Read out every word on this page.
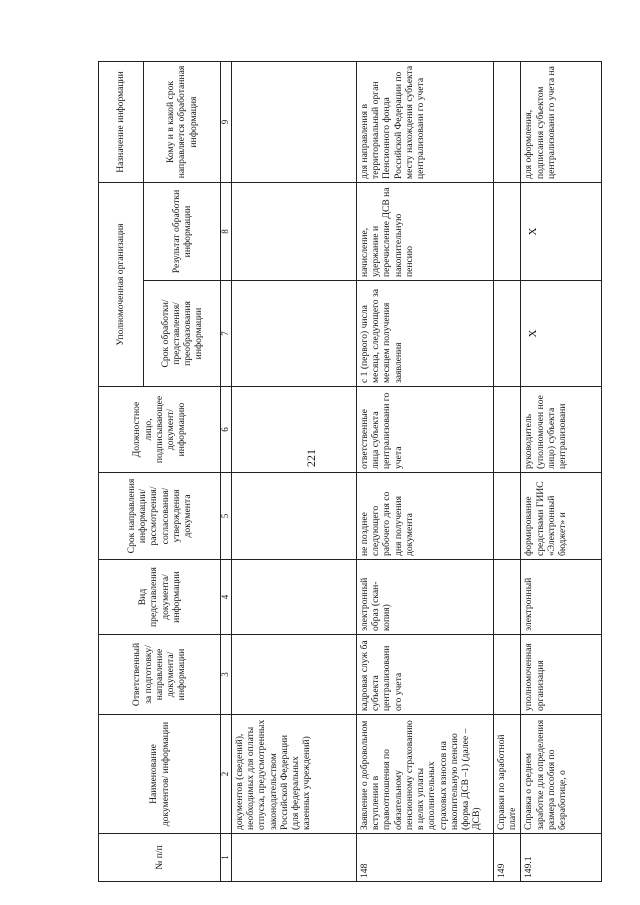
221
№ п/п	Наименование документов/ информации	Ответственный за подготовку/ направление документа/ информации	Вид представления документа/ информации	Срок направления информации/ рассмотрения/ согласования/ утверждения документа	Должностное лицо, подписывающее документ/ информацию	Уполномоченная организация		Назначение информации
						Срок обработки/ представления/ преобразования информации	Результат обработки информации	Кому и в какой срок направляется обработанная информация
1	2	3	4	5	6	7	8	9
	документов (сведений), необходимых для оплаты отпуска, предусмотренных законодательством Российской Федерации (для федеральных казенных учреждений)							
148	Заявление о добровольном вступлении в правоотношения по обязательному пенсионному страхованию в целях уплаты дополнительных страховых взносов на накопительную пенсию (форма ДСВ –1) (далее – ДСВ)	кадровая служ ба субъекта централизовани ого учета	электронный образ (скан-копия)	не позднее следующего рабочего дня со дня получения документа	ответственные лица субъекта централизовани го учета	с 1 (первого) числа месяца, следующего за месяцем получения заявления	начисление, удержание и перечисление ДСВ на накопительную пенсию	для направления в территориальный орган Пенсионного фонда Российской Федерации по месту нахождения субъекта централизовани го учета
149	Справки по заработной плате							
149.1	Справка о среднем заработке для определения размера пособия по безработице, о	уполномоченная организация	электронный	формирование средствами ГИИС «Электронный бюджет» и	руководитель (уполномочен ное лицо) субъекта централизовани	X	X	для оформления, подписания субъектом централизовани го учета на
